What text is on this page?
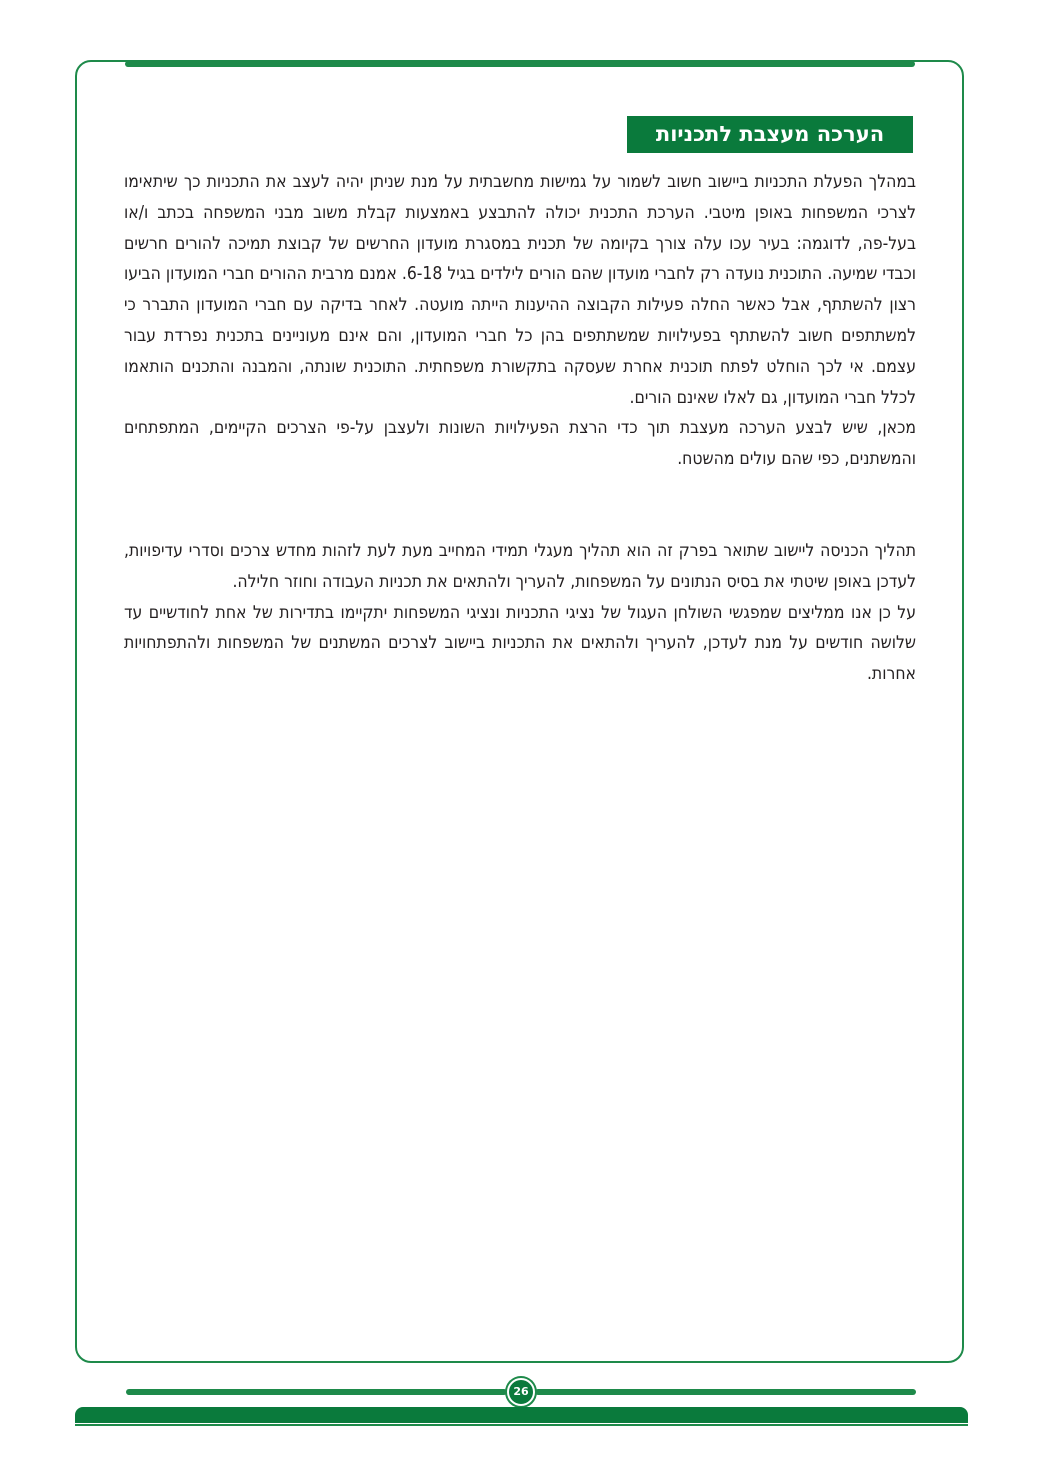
הערכה מעצבת לתכניות

במהלך הפעלת התכניות ביישוב חשוב לשמור על גמישות מחשבתית על מנת שניתן יהיה לעצב את התכניות כך שיתאימו לצרכי המשפחות באופן מיטבי. הערכת התכנית יכולה להתבצע באמצעות קבלת משוב מבני המשפחה בכתב ו/או בעל-פה, לדוגמה: בעיר עכו עלה צורך בקיומה של תכנית במסגרת מועדון החרשים של קבוצת תמיכה להורים חרשים וכבדי שמיעה. התוכנית נועדה רק לחברי מועדון שהם הורים לילדים בגיל 6-18. אמנם מרבית ההורים חברי המועדון הביעו רצון להשתתף, אבל כאשר החלה פעילות הקבוצה ההיענות הייתה מועטה. לאחר בדיקה עם חברי המועדון התברר כי למשתתפים חשוב להשתתף בפעילויות שמשתתפים בהן כל חברי המועדון, והם אינם מעוניינים בתכנית נפרדת עבור עצמם. אי לכך הוחלט לפתח תוכנית אחרת שעסקה בתקשורת משפחתית. התוכנית שונתה, והמבנה והתכנים הותאמו לכלל חברי המועדון, גם לאלו שאינם הורים.

מכאן, שיש לבצע הערכה מעצבת תוך כדי הרצת הפעילויות השונות ולעצבן על-פי הצרכים הקיימים, המתפתחים והמשתנים, כפי שהם עולים מהשטח.

תהליך הכניסה ליישוב שתואר בפרק זה הוא תהליך מעגלי תמידי המחייב מעת לעת לזהות מחדש צרכים וסדרי עדיפויות, לעדכן באופן שיטתי את בסיס הנתונים על המשפחות, להעריך ולהתאים את תכניות העבודה וחוזר חלילה.

על כן אנו ממליצים שמפגשי השולחן העגול של נציגי התכניות ונציגי המשפחות יתקיימו בתדירות של אחת לחודשיים עד שלושה חודשים על מנת לעדכן, להעריך ולהתאים את התכניות ביישוב לצרכים המשתנים של המשפחות ולהתפתחויות אחרות.

26
